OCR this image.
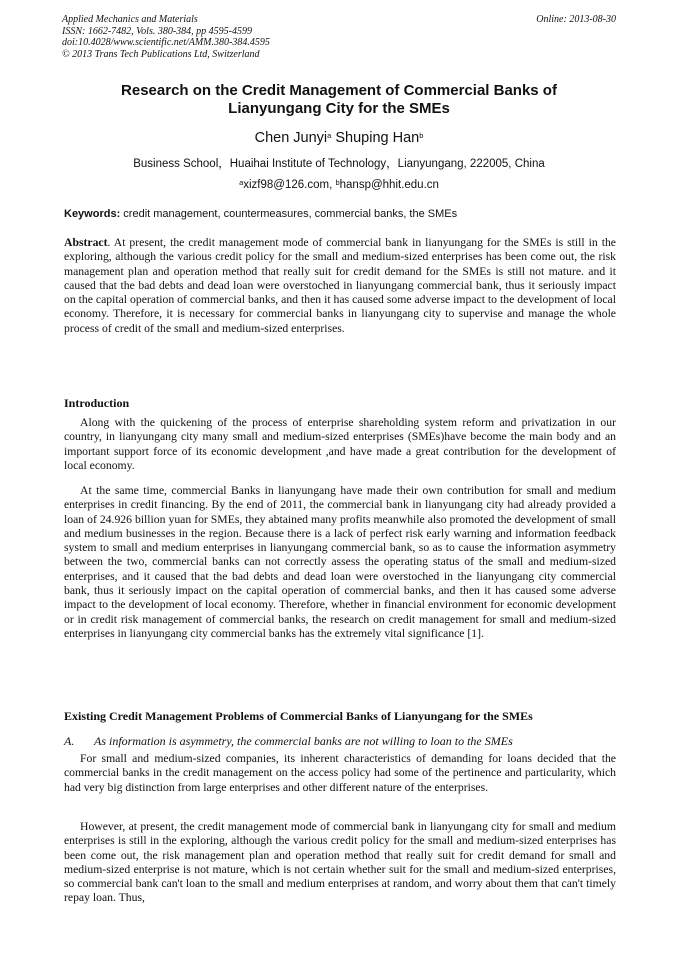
Applied Mechanics and Materials
ISSN: 1662-7482, Vols. 380-384, pp 4595-4599
doi:10.4028/www.scientific.net/AMM.380-384.4595
© 2013 Trans Tech Publications Ltd, Switzerland
Online: 2013-08-30
Research on the Credit Management of Commercial Banks of
Lianyungang City for the SMEs
Chen Junyi$^a$ Shuping Han$^b$
Business School，Huaihai Institute of Technology，Lianyungang, 222005, China
$^a$xizf98@126.com, $^b$hansp@hhit.edu.cn
Keywords: credit management, countermeasures, commercial banks, the SMEs
Abstract. At present, the credit management mode of commercial bank in lianyungang for the SMEs is still in the exploring, although the various credit policy for the small and medium-sized enterprises has been come out, the risk management plan and operation method that really suit for credit demand for the SMEs is still not mature. and it caused that the bad debts and dead loan were overstoched in lianyungang commercial bank, thus it seriously impact on the capital operation of commercial banks, and then it has caused some adverse impact to the development of local economy. Therefore, it is necessary for commercial banks in lianyungang city to supervise and manage the whole process of credit of the small and medium-sized enterprises.
Introduction

Along with the quickening of the process of enterprise shareholding system reform and privatization in our country, in lianyungang city many small and medium-sized enterprises (SMEs)have become the main body and an important support force of its economic development ,and have made a great contribution for the development of local economy.

At the same time, commercial Banks in lianyungang have made their own contribution for small and medium enterprises in credit financing. By the end of 2011, the commercial bank in lianyungang city had already provided a loan of 24.926 billion yuan for SMEs, they abtained many profits meanwhile also promoted the development of small and medium businesses in the region. Because there is a lack of perfect risk early warning and information feedback system to small and medium enterprises in lianyungang commercial bank, so as to cause the information asymmetry between the two, commercial banks can not correctly assess the operating status of the small and medium-sized enterprises, and it caused that the bad debts and dead loan were overstoched in the lianyungang city commercial bank, thus it seriously impact on the capital operation of commercial banks, and then it has caused some adverse impact to the development of local economy. Therefore, whether in financial environment for economic development or in credit risk management of commercial banks, the research on credit management for small and medium-sized enterprises in lianyungang city commercial banks has the extremely vital significance [1].

Existing Credit Management Problems of Commercial Banks of Lianyungang for the SMEs
A. As information is asymmetry, the commercial banks are not willing to loan to the SMEs

For small and medium-sized companies, its inherent characteristics of demanding for loans decided that the commercial banks in the credit management on the access policy had some of the pertinence and particularity, which had very big distinction from large enterprises and other different nature of the enterprises.

However, at present, the credit management mode of commercial bank in lianyungang city for small and medium enterprises is still in the exploring, although the various credit policy for the small and medium-sized enterprises has been come out, the risk management plan and operation method that really suit for credit demand for small and medium-sized enterprise is not mature, which is not certain whether suit for the small and medium-sized enterprises, so commercial bank can't loan to the small and medium enterprises at random, and worry about them that can't timely repay loan. Thus,
